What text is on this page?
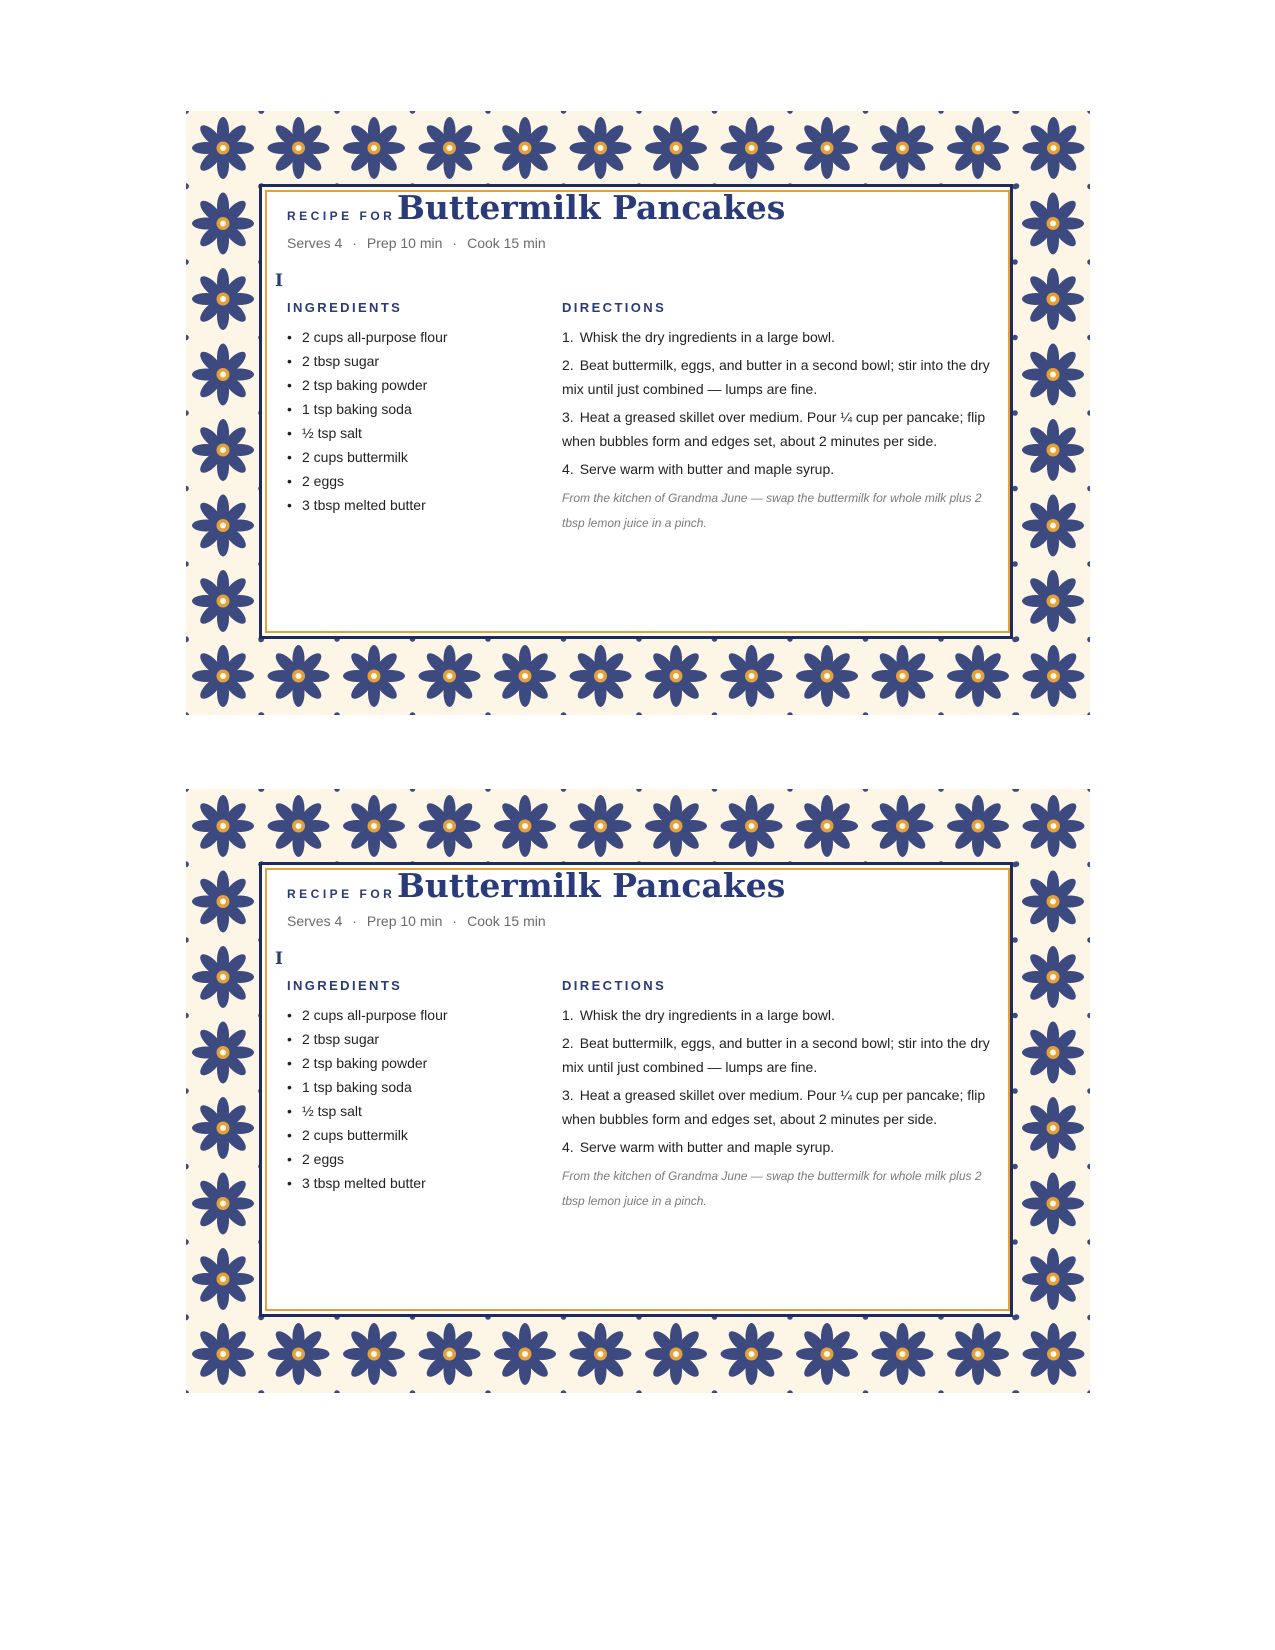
I
RECIPE FOR Buttermilk Pancakes
Serves 4 · Prep 10 min · Cook 15 min
INGREDIENTS
• 2 cups all-purpose flour
• 2 tbsp sugar
• 2 tsp baking powder
• 1 tsp baking soda
• ½ tsp salt
• 2 cups buttermilk
• 2 eggs
• 3 tbsp melted butter
DIRECTIONS
1. Whisk the dry ingredients in a large bowl.
2. Beat buttermilk, eggs, and butter in a second bowl; stir into the dry mix until just combined — lumps are fine.
3. Heat a greased skillet over medium. Pour ¼ cup per pancake; flip when bubbles form and edges set, about 2 minutes per side.
4. Serve warm with butter and maple syrup.
From the kitchen of Grandma June — swap the buttermilk for whole milk plus 2 tbsp lemon juice in a pinch.
I
RECIPE FOR Buttermilk Pancakes
Serves 4 · Prep 10 min · Cook 15 min
INGREDIENTS
• 2 cups all-purpose flour
• 2 tbsp sugar
• 2 tsp baking powder
• 1 tsp baking soda
• ½ tsp salt
• 2 cups buttermilk
• 2 eggs
• 3 tbsp melted butter
DIRECTIONS
1. Whisk the dry ingredients in a large bowl.
2. Beat buttermilk, eggs, and butter in a second bowl; stir into the dry mix until just combined — lumps are fine.
3. Heat a greased skillet over medium. Pour ¼ cup per pancake; flip when bubbles form and edges set, about 2 minutes per side.
4. Serve warm with butter and maple syrup.
From the kitchen of Grandma June — swap the buttermilk for whole milk plus 2 tbsp lemon juice in a pinch.
